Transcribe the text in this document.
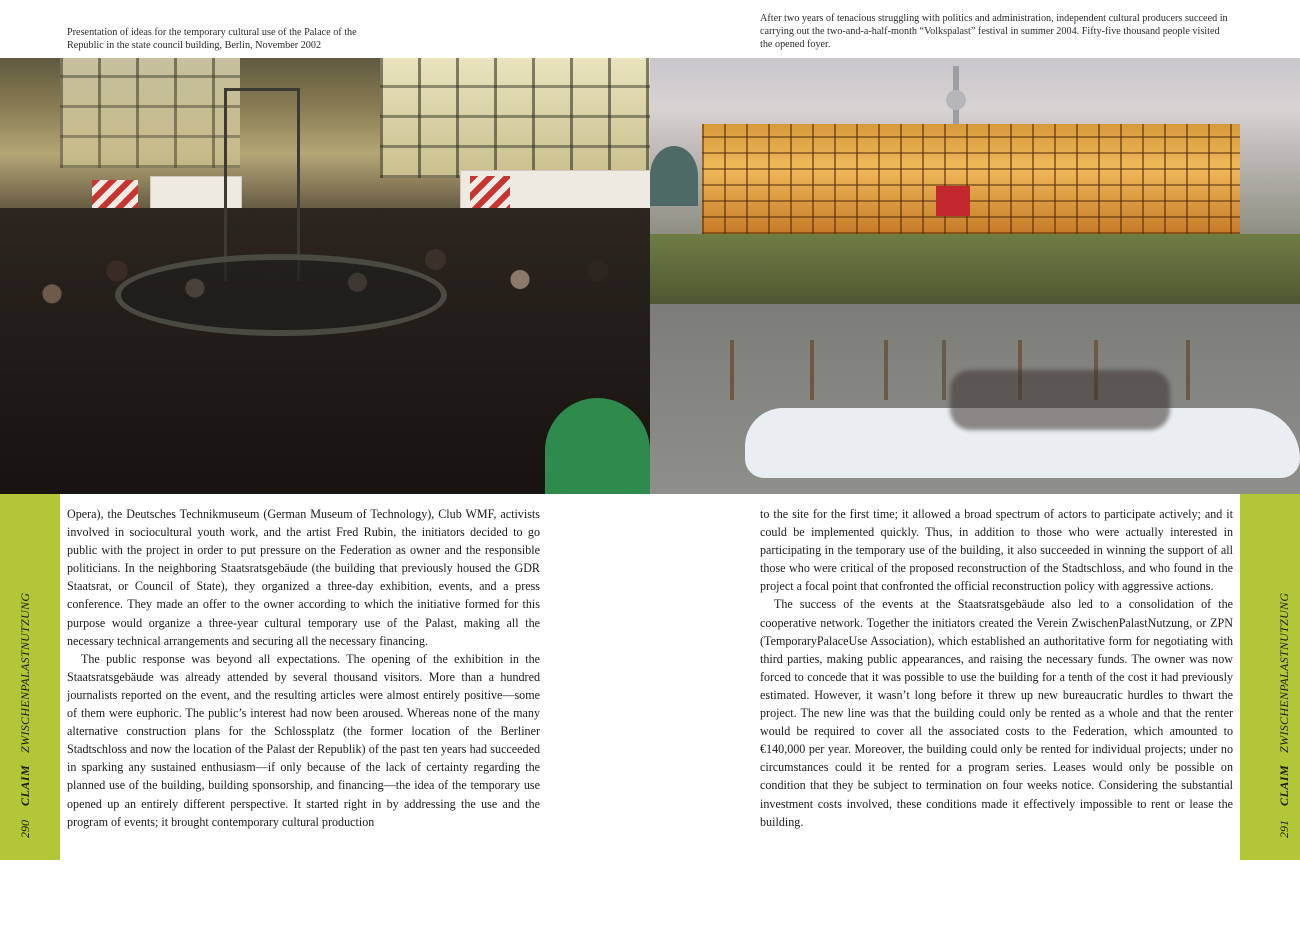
Presentation of ideas for the temporary cultural use of the Palace of the Republic in the state council building, Berlin, November 2002
After two years of tenacious struggling with politics and administration, independent cultural producers succeed in carrying out the two-and-a-half-month “Volkspalast” festival in summer 2004. Fifty-five thousand people visited the opened foyer.
290CLAIMZWISCHENPALASTNUTZUNG
291CLAIMZWISCHENPALASTNUTZUNG

Opera), the Deutsches Technikmuseum (German Museum of Technology), Club WMF, activists involved in sociocultural youth work, and the artist Fred Rubin, the initiators decided to go public with the project in order to put pressure on the Federation as owner and the responsible politicians. In the neighboring Staatsratsgebäude (the building that previously housed the GDR Staatsrat, or Council of State), they organized a three-day exhibition, events, and a press conference. They made an offer to the owner according to which the initiative formed for this purpose would organize a three-year cultural temporary use of the Palast, making all the necessary technical arrangements and securing all the necessary financing.

The public response was beyond all expectations. The opening of the exhibition in the Staatsratsgebäude was already attended by several thousand visitors. More than a hundred journalists reported on the event, and the resulting articles were almost entirely positive—some of them were euphoric. The public’s interest had now been aroused. Whereas none of the many alternative construction plans for the Schlossplatz (the former location of the Berliner Stadtschloss and now the location of the Palast der Republik) of the past ten years had succeeded in sparking any sustained enthusiasm—if only because of the lack of certainty regarding the planned use of the building, building sponsorship, and financing—the idea of the temporary use opened up an entirely different perspective. It started right in by addressing the use and the program of events; it brought contemporary cultural production

to the site for the first time; it allowed a broad spectrum of actors to participate actively; and it could be implemented quickly. Thus, in addition to those who were actually interested in participating in the temporary use of the building, it also succeeded in winning the support of all those who were critical of the proposed reconstruction of the Stadtschloss, and who found in the project a focal point that confronted the official reconstruction policy with aggressive actions.

The success of the events at the Staatsratsgebäude also led to a consolidation of the cooperative network. Together the initiators created the Verein ZwischenPalastNutzung, or ZPN (TemporaryPalaceUse Association), which established an authoritative form for negotiating with third parties, making public appearances, and raising the necessary funds. The owner was now forced to concede that it was possible to use the building for a tenth of the cost it had previously estimated. However, it wasn’t long before it threw up new bureaucratic hurdles to thwart the project. The new line was that the building could only be rented as a whole and that the renter would be required to cover all the associated costs to the Federation, which amounted to €140,000 per year. Moreover, the building could only be rented for individual projects; under no circumstances could it be rented for a program series. Leases would only be possible on condition that they be subject to termination on four weeks notice. Considering the substantial investment costs involved, these conditions made it effectively impossible to rent or lease the building.
